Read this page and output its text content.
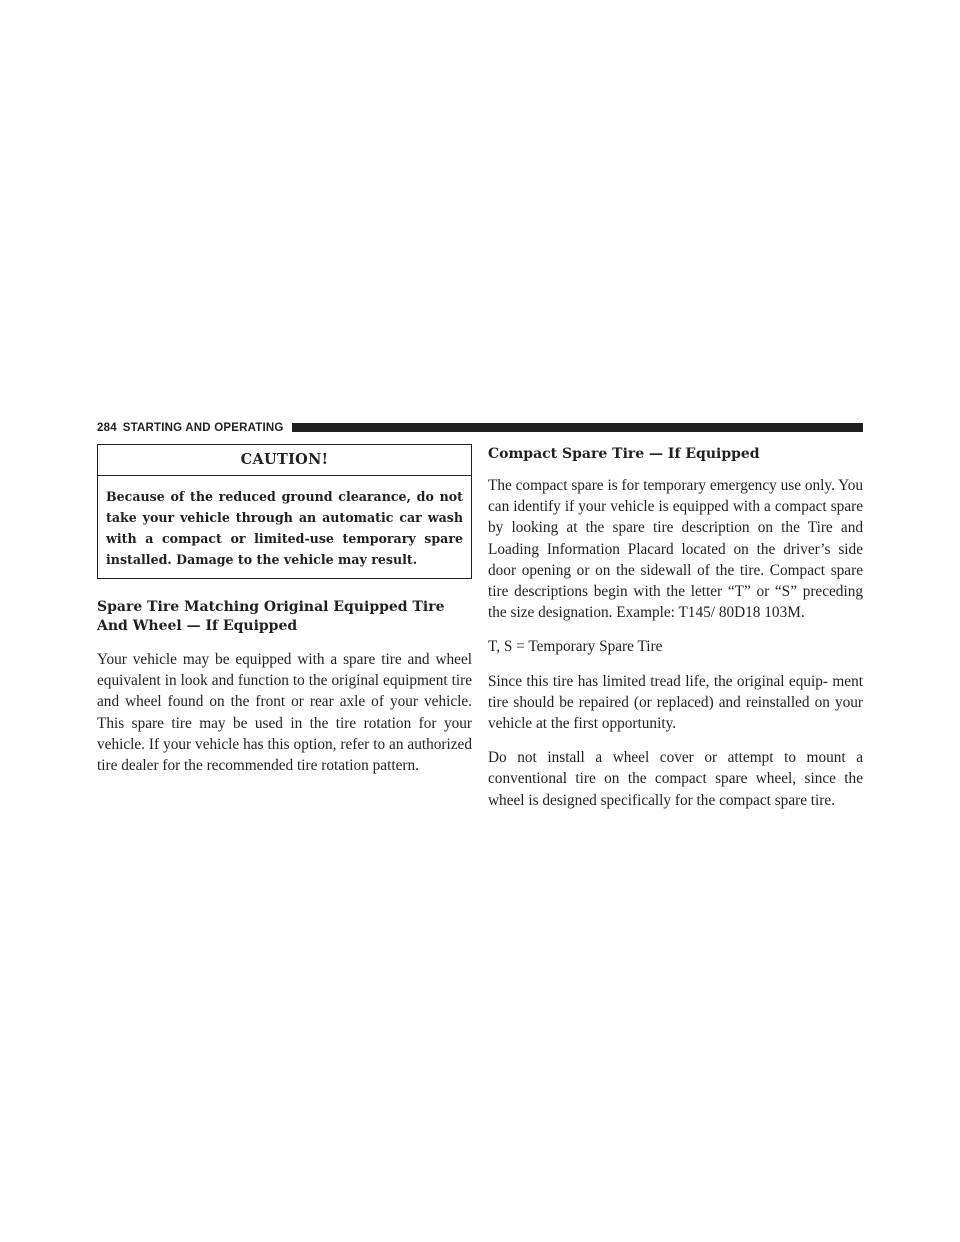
284 STARTING AND OPERATING
CAUTION!
Because of the reduced ground clearance, do not take your vehicle through an automatic car wash with a compact or limited-use temporary spare installed. Damage to the vehicle may result.
Spare Tire Matching Original Equipped Tire And Wheel — If Equipped

Your vehicle may be equipped with a spare tire and wheel equivalent in look and function to the original equipment tire and wheel found on the front or rear axle of your vehicle. This spare tire may be used in the tire rotation for your vehicle. If your vehicle has this option, refer to an authorized tire dealer for the recommended tire rotation pattern.

Compact Spare Tire — If Equipped

The compact spare is for temporary emergency use only. You can identify if your vehicle is equipped with a compact spare by looking at the spare tire description on the Tire and Loading Information Placard located on the driver’s side door opening or on the sidewall of the tire. Compact spare tire descriptions begin with the letter “T” or “S” preceding the size designation. Example: T145/ 80D18 103M.

T, S = Temporary Spare Tire

Since this tire has limited tread life, the original equip- ment tire should be repaired (or replaced) and reinstalled on your vehicle at the first opportunity.

Do not install a wheel cover or attempt to mount a conventional tire on the compact spare wheel, since the wheel is designed specifically for the compact spare tire.
